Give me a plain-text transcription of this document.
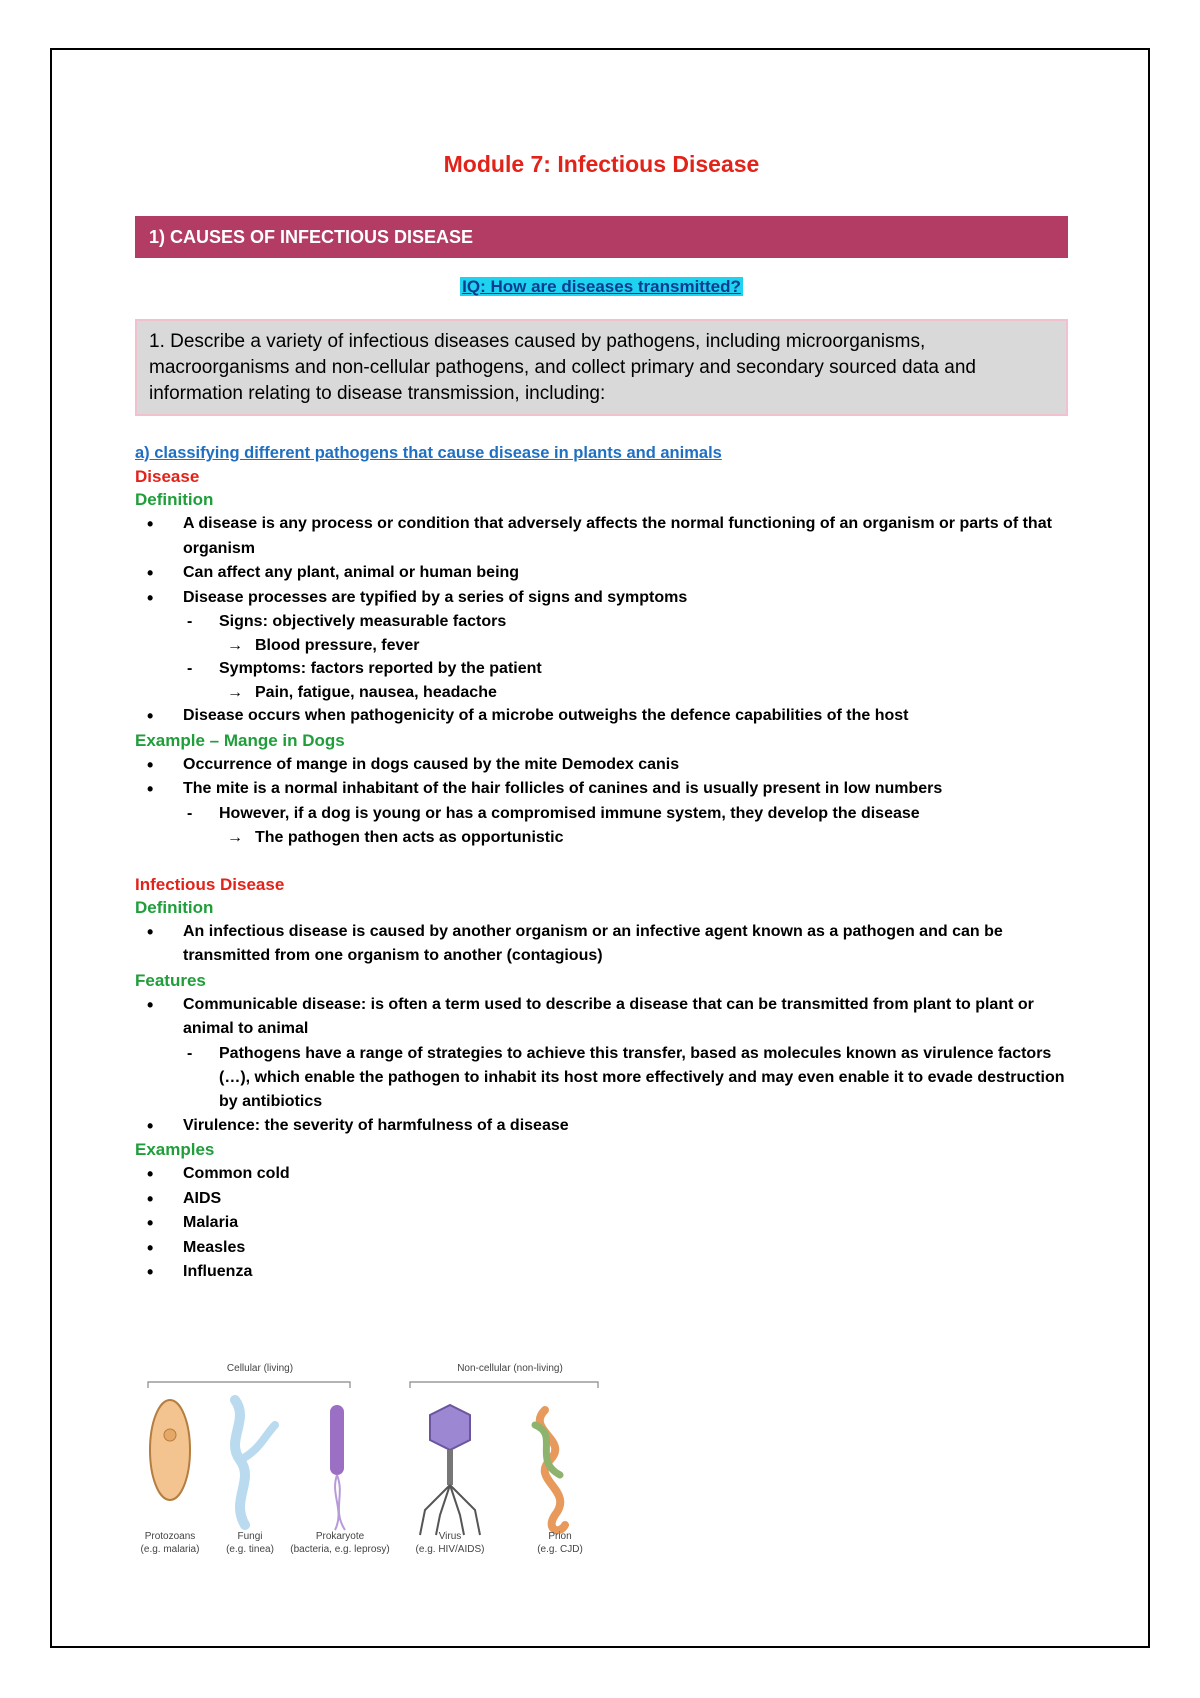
Module 7: Infectious Disease
1) CAUSES OF INFECTIOUS DISEASE
IQ: How are diseases transmitted?
1. Describe a variety of infectious diseases caused by pathogens, including microorganisms, macroorganisms and non-cellular pathogens, and collect primary and secondary sourced data and information relating to disease transmission, including:
a) classifying different pathogens that cause disease in plants and animals
Disease
Definition
• A disease is any process or condition that adversely affects the normal functioning of an organism or parts of that organism
• Can affect any plant, animal or human being
• Disease processes are typified by a series of signs and symptoms
- Signs: objectively measurable factors
→ Blood pressure, fever
- Symptoms: factors reported by the patient
→ Pain, fatigue, nausea, headache
• Disease occurs when pathogenicity of a microbe outweighs the defence capabilities of the host
Example – Mange in Dogs
• Occurrence of mange in dogs caused by the mite Demodex canis
• The mite is a normal inhabitant of the hair follicles of canines and is usually present in low numbers
- However, if a dog is young or has a compromised immune system, they develop the disease
→ The pathogen then acts as opportunistic
Infectious Disease
Definition
• An infectious disease is caused by another organism or an infective agent known as a pathogen and can be transmitted from one organism to another (contagious)
Features
• Communicable disease: is often a term used to describe a disease that can be transmitted from plant to plant or animal to animal
- Pathogens have a range of strategies to achieve this transfer, based as molecules known as virulence factors (…), which enable the pathogen to inhabit its host more effectively and may even enable it to evade destruction by antibiotics
• Virulence: the severity of harmfulness of a disease
Examples
• Common cold
• AIDS
• Malaria
• Measles
• Influenza
Cellular (living)	Non-cellular (non-living)
Protozoans
(e.g. malaria)
Fungi
(e.g. tinea)
Prokaryote
(bacteria, e.g. leprosy)
Virus
(e.g. HIV/AIDS)
Prion
(e.g. CJD)
